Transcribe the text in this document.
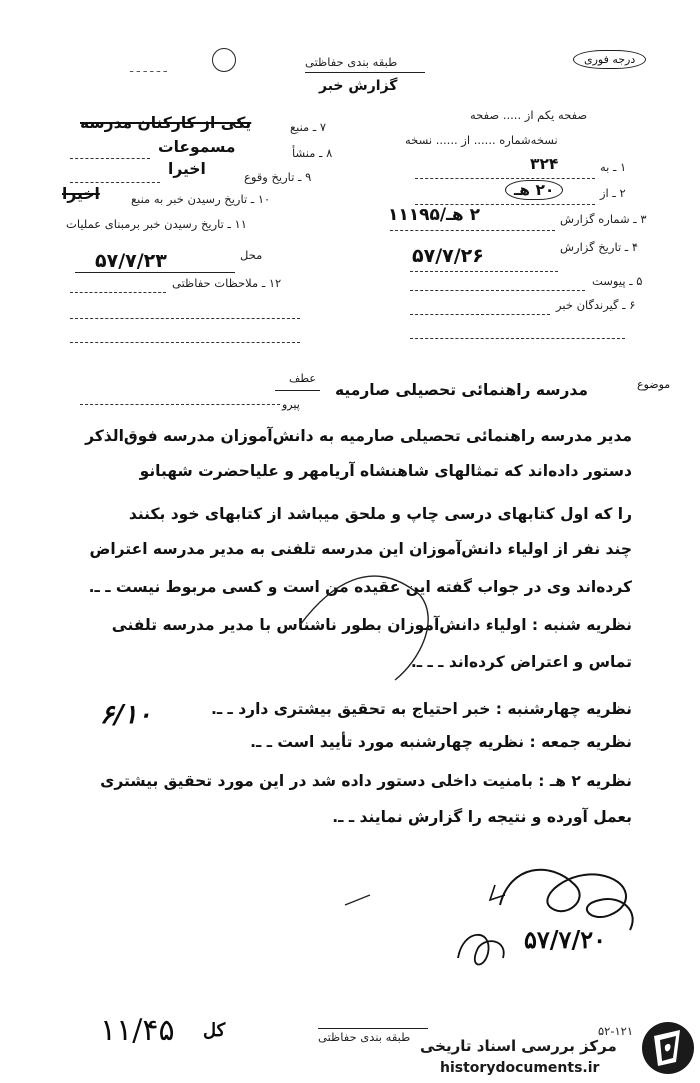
ـ ـ ـ ـ ـ ـ	طبقه بندی حفاظتی
گزارش خبر
درجه فوری
صفحه یکم از ..... صفحه
نسخه‌شماره ...... از ...... نسخه
۱ ـ به
۳۲۴
۲ ـ از
۲۰ هـ
۳ ـ شماره گزارش
۲ هـ/۱۱۱۹۵
۴ ـ تاریخ گزارش
۵۷/۷/۲۶
۵ ـ پیوست
۶ ـ گیرندگان خبر
۷ ـ منبع
یکی از کارکنان مدرسه
۸ ـ منشأ
مسموعات
۹ ـ تاریخ وقوع
اخیرا
۱۰ ـ تاریخ رسیدن خبر به منبع
اخیرا
۱۱ ـ تاریخ رسیدن خبر برمبنای عملیات
محل
۵۷/۷/۲۳
۱۲ ـ ملاحظات حفاظتی
عطف
پیرو
موضوع
مدرسه راهنمائی تحصیلی صارمیه
مدیر مدرسه راهنمائی تحصیلی صارمیه به دانش‌آموزان مدرسه فوق‌الذکر
دستور داده‌اند که تمثالهای شاهنشاه آریامهر و علیاحضرت شهبانو
را که اول کتابهای درسی چاپ و ملحق میباشد از کتابهای خود بکنند
چند نفر از اولیاء دانش‌آموزان این مدرسه تلفنی به مدیر مدرسه اعتراض
کرده‌اند وی در جواب گفته این عقیده من است و کسی مربوط نیست ـ ـ.
نظریه شنبه : اولیاء دانش‌آموزان بطور ناشناس با مدیر مدرسه تلفنی
تماس و اعتراض کرده‌اند ـ ـ ـ.
نظریه چهارشنبه : خبر احتیاج به تحقیق بیشتری دارد ـ ـ.
نظریه جمعه : نظریه چهارشنبه مورد تأیید است ـ ـ.
نظریه ۲ هـ : بامنیت داخلی دستور داده شد در این مورد تحقیق بیشتری
بعمل آورده و نتیجه را گزارش نمایند ـ ـ.
۶/۱۰
۵۷/۷/۲۰
۱۱/۴۵ کل	۵۲-۱۲۱
طبقه بندی حفاظتی مرکز بررسی اسناد تاریخی
historydocuments.ir
